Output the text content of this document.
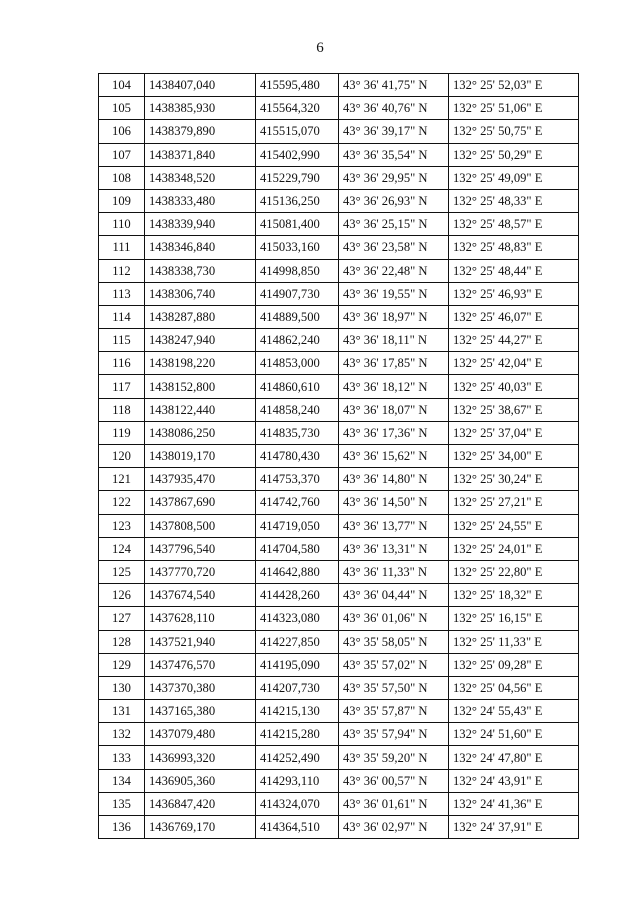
6
104	1438407,040	415595,480	43° 36' 41,75" N	132° 25' 52,03" E
105	1438385,930	415564,320	43° 36' 40,76" N	132° 25' 51,06" E
106	1438379,890	415515,070	43° 36' 39,17" N	132° 25' 50,75" E
107	1438371,840	415402,990	43° 36' 35,54" N	132° 25' 50,29" E
108	1438348,520	415229,790	43° 36' 29,95" N	132° 25' 49,09" E
109	1438333,480	415136,250	43° 36' 26,93" N	132° 25' 48,33" E
110	1438339,940	415081,400	43° 36' 25,15" N	132° 25' 48,57" E
111	1438346,840	415033,160	43° 36' 23,58" N	132° 25' 48,83" E
112	1438338,730	414998,850	43° 36' 22,48" N	132° 25' 48,44" E
113	1438306,740	414907,730	43° 36' 19,55" N	132° 25' 46,93" E
114	1438287,880	414889,500	43° 36' 18,97" N	132° 25' 46,07" E
115	1438247,940	414862,240	43° 36' 18,11" N	132° 25' 44,27" E
116	1438198,220	414853,000	43° 36' 17,85" N	132° 25' 42,04" E
117	1438152,800	414860,610	43° 36' 18,12" N	132° 25' 40,03" E
118	1438122,440	414858,240	43° 36' 18,07" N	132° 25' 38,67" E
119	1438086,250	414835,730	43° 36' 17,36" N	132° 25' 37,04" E
120	1438019,170	414780,430	43° 36' 15,62" N	132° 25' 34,00" E
121	1437935,470	414753,370	43° 36' 14,80" N	132° 25' 30,24" E
122	1437867,690	414742,760	43° 36' 14,50" N	132° 25' 27,21" E
123	1437808,500	414719,050	43° 36' 13,77" N	132° 25' 24,55" E
124	1437796,540	414704,580	43° 36' 13,31" N	132° 25' 24,01" E
125	1437770,720	414642,880	43° 36' 11,33" N	132° 25' 22,80" E
126	1437674,540	414428,260	43° 36' 04,44" N	132° 25' 18,32" E
127	1437628,110	414323,080	43° 36' 01,06" N	132° 25' 16,15" E
128	1437521,940	414227,850	43° 35' 58,05" N	132° 25' 11,33" E
129	1437476,570	414195,090	43° 35' 57,02" N	132° 25' 09,28" E
130	1437370,380	414207,730	43° 35' 57,50" N	132° 25' 04,56" E
131	1437165,380	414215,130	43° 35' 57,87" N	132° 24' 55,43" E
132	1437079,480	414215,280	43° 35' 57,94" N	132° 24' 51,60" E
133	1436993,320	414252,490	43° 35' 59,20" N	132° 24' 47,80" E
134	1436905,360	414293,110	43° 36' 00,57" N	132° 24' 43,91" E
135	1436847,420	414324,070	43° 36' 01,61" N	132° 24' 41,36" E
136	1436769,170	414364,510	43° 36' 02,97" N	132° 24' 37,91" E
